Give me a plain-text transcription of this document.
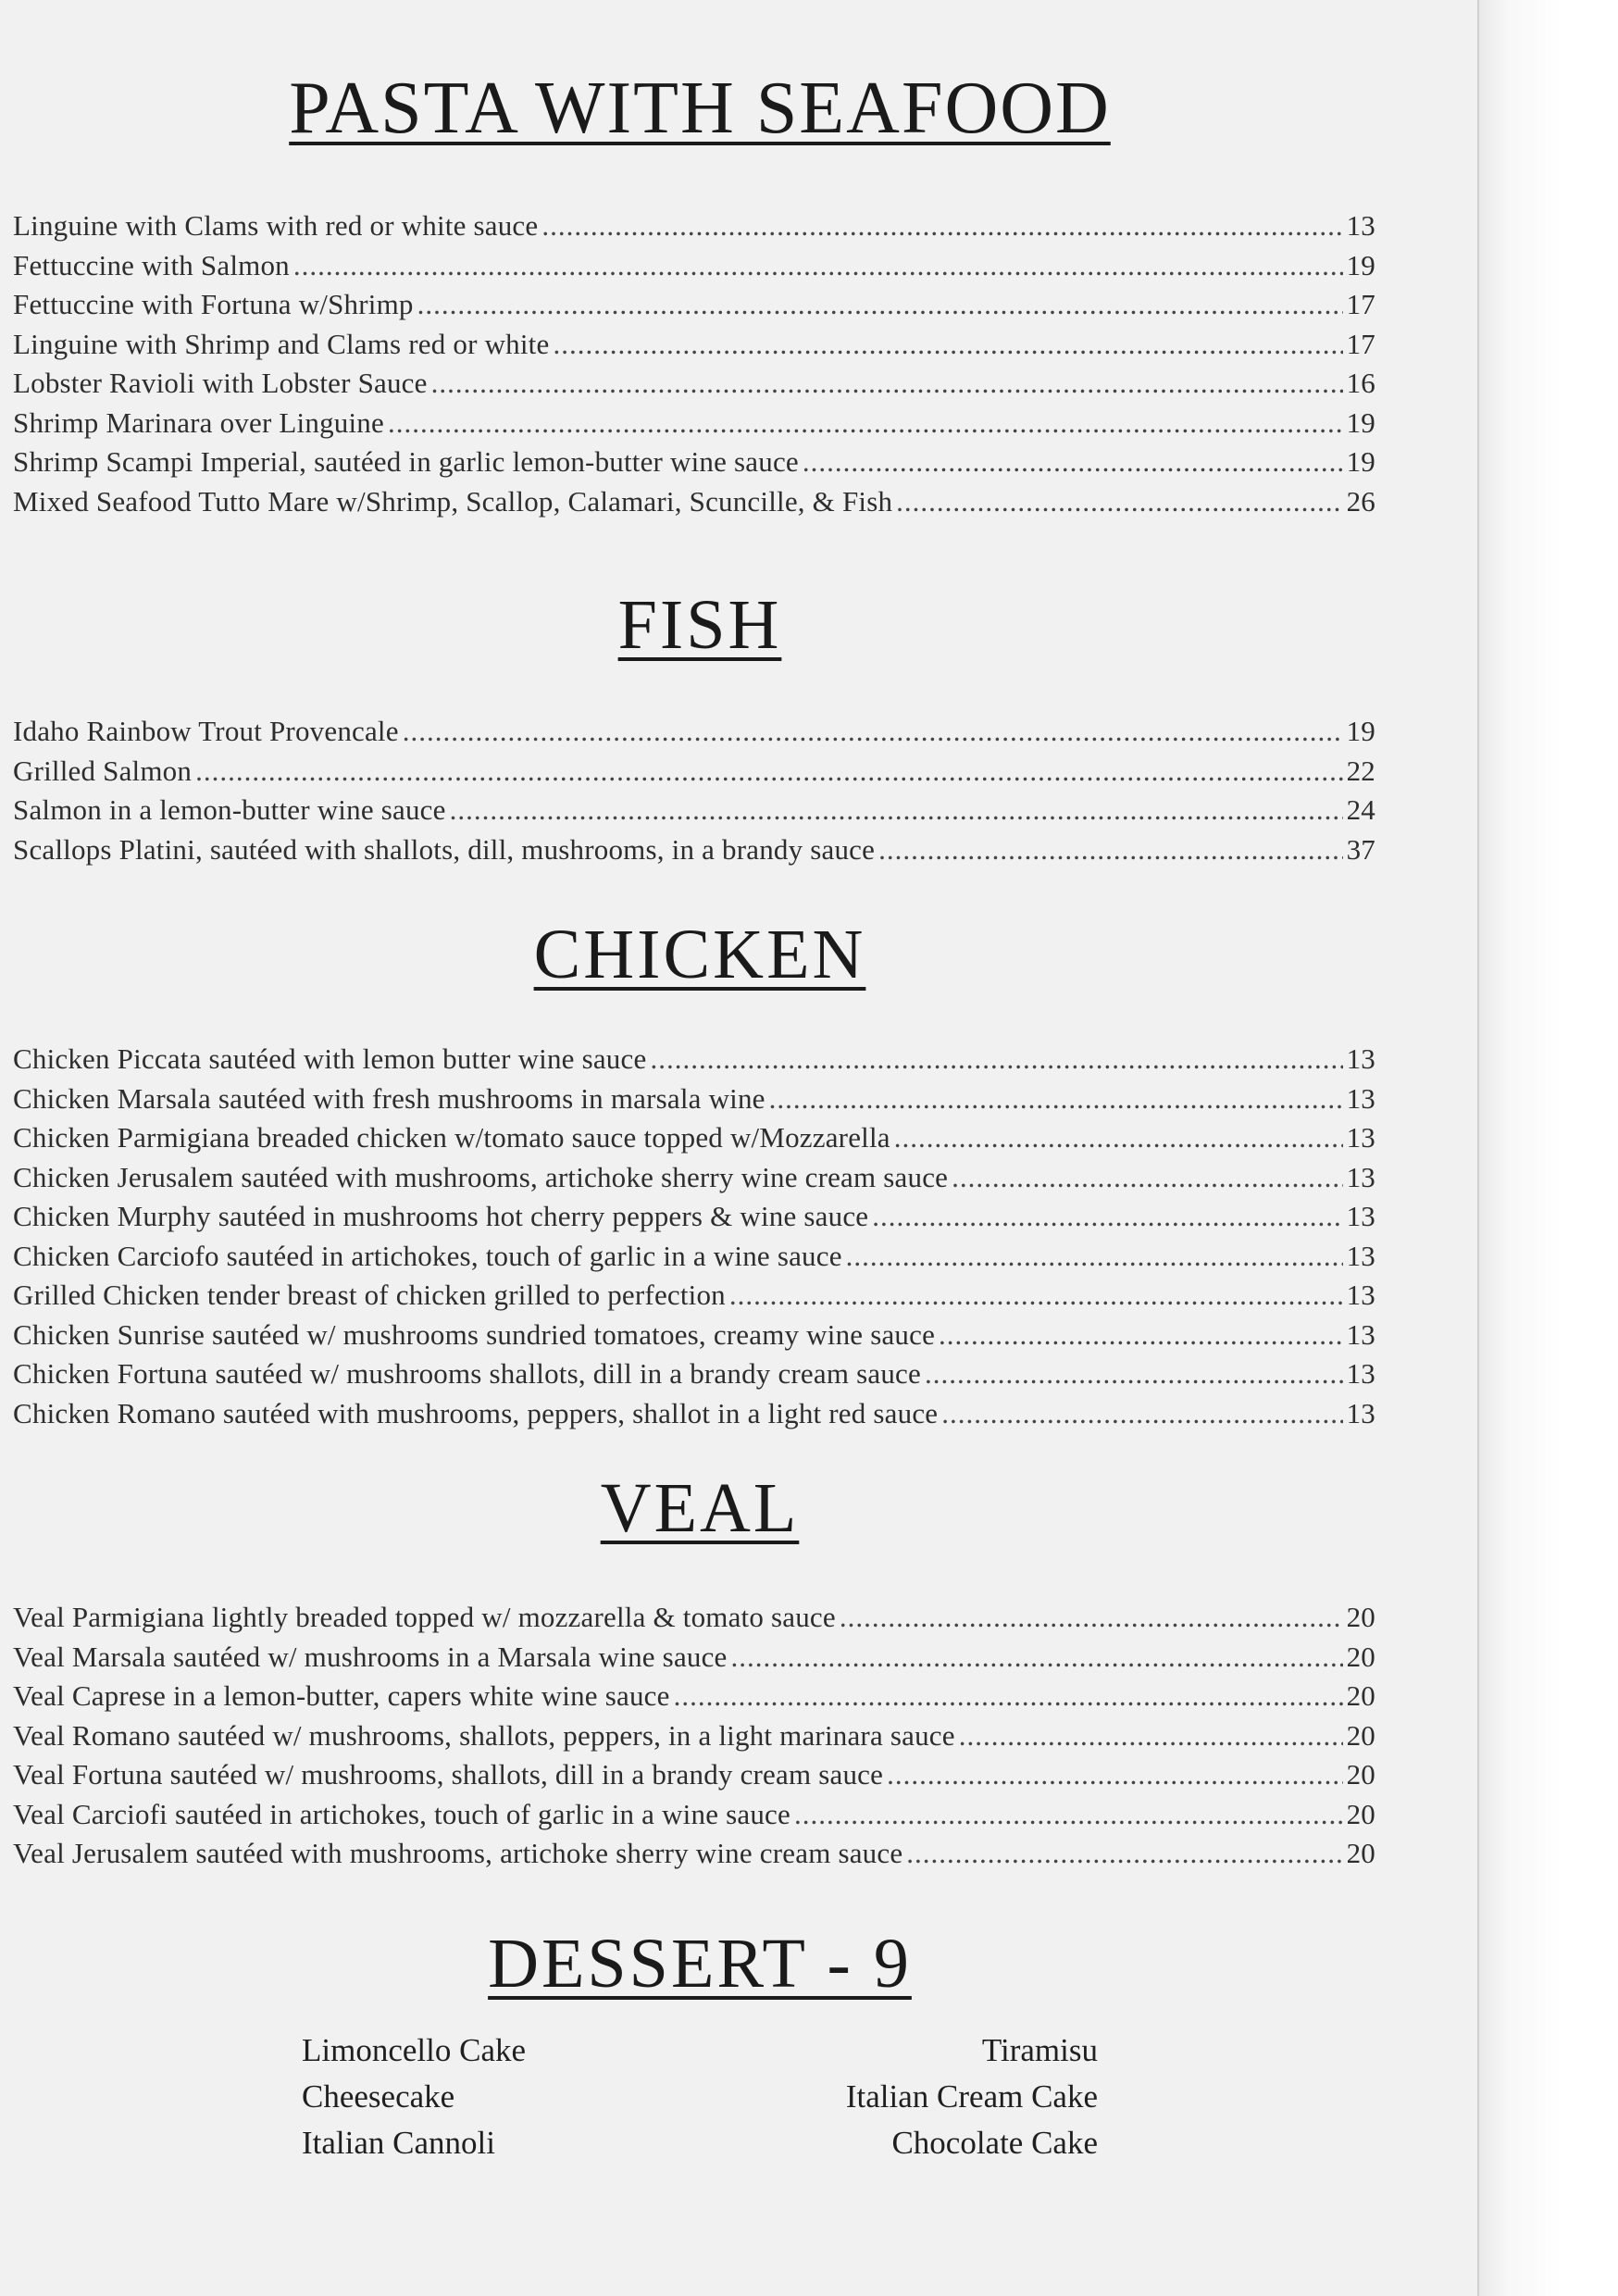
PASTA WITH SEAFOOD
Linguine with Clams with red or white sauce .....	13
Fettuccine with Salmon .....	19
Fettuccine with Fortuna w/Shrimp .....	17
Linguine with Shrimp and Clams red or white .....	17
Lobster Ravioli with Lobster Sauce .....	16
Shrimp Marinara over Linguine .....	19
Shrimp Scampi Imperial, sautéed in garlic lemon-butter wine sauce .....	19
Mixed Seafood Tutto Mare w/Shrimp, Scallop, Calamari, Scuncille, & Fish .....	26
FISH
Idaho Rainbow Trout Provencale .....	19
Grilled Salmon .....	22
Salmon in a lemon-butter wine sauce .....	24
Scallops Platini, sautéed with shallots, dill, mushrooms, in a brandy sauce .....	37
CHICKEN
Chicken Piccata sautéed with lemon butter wine sauce .....	13
Chicken Marsala sautéed with fresh mushrooms in marsala wine .....	13
Chicken Parmigiana breaded chicken w/tomato sauce topped w/Mozzarella .....	13
Chicken Jerusalem sautéed with mushrooms, artichoke sherry wine cream sauce .....	13
Chicken Murphy sautéed in mushrooms hot cherry peppers & wine sauce .....	13
Chicken Carciofo sautéed in artichokes, touch of garlic in a wine sauce .....	13
Grilled Chicken tender breast of chicken grilled to perfection .....	13
Chicken Sunrise sautéed w/ mushrooms sundried tomatoes, creamy wine sauce .....	13
Chicken Fortuna sautéed w/ mushrooms shallots, dill in a brandy cream sauce .....	13
Chicken Romano sautéed with mushrooms, peppers, shallot in a light red sauce .....	13
VEAL
Veal Parmigiana lightly breaded topped w/ mozzarella & tomato sauce .....	20
Veal Marsala sautéed w/ mushrooms in a Marsala wine sauce .....	20
Veal Caprese in a lemon-butter, capers white wine sauce .....	20
Veal Romano sautéed w/ mushrooms, shallots, peppers, in a light marinara sauce .....	20
Veal Fortuna sautéed w/ mushrooms, shallots, dill in a brandy cream sauce .....	20
Veal Carciofi sautéed in artichokes, touch of garlic in a wine sauce .....	20
Veal Jerusalem sautéed with mushrooms, artichoke sherry wine cream sauce .....	20
DESSERT - 9
Limoncello Cake
Cheesecake
Italian Cannoli
Tiramisu
Italian Cream Cake
Chocolate Cake
